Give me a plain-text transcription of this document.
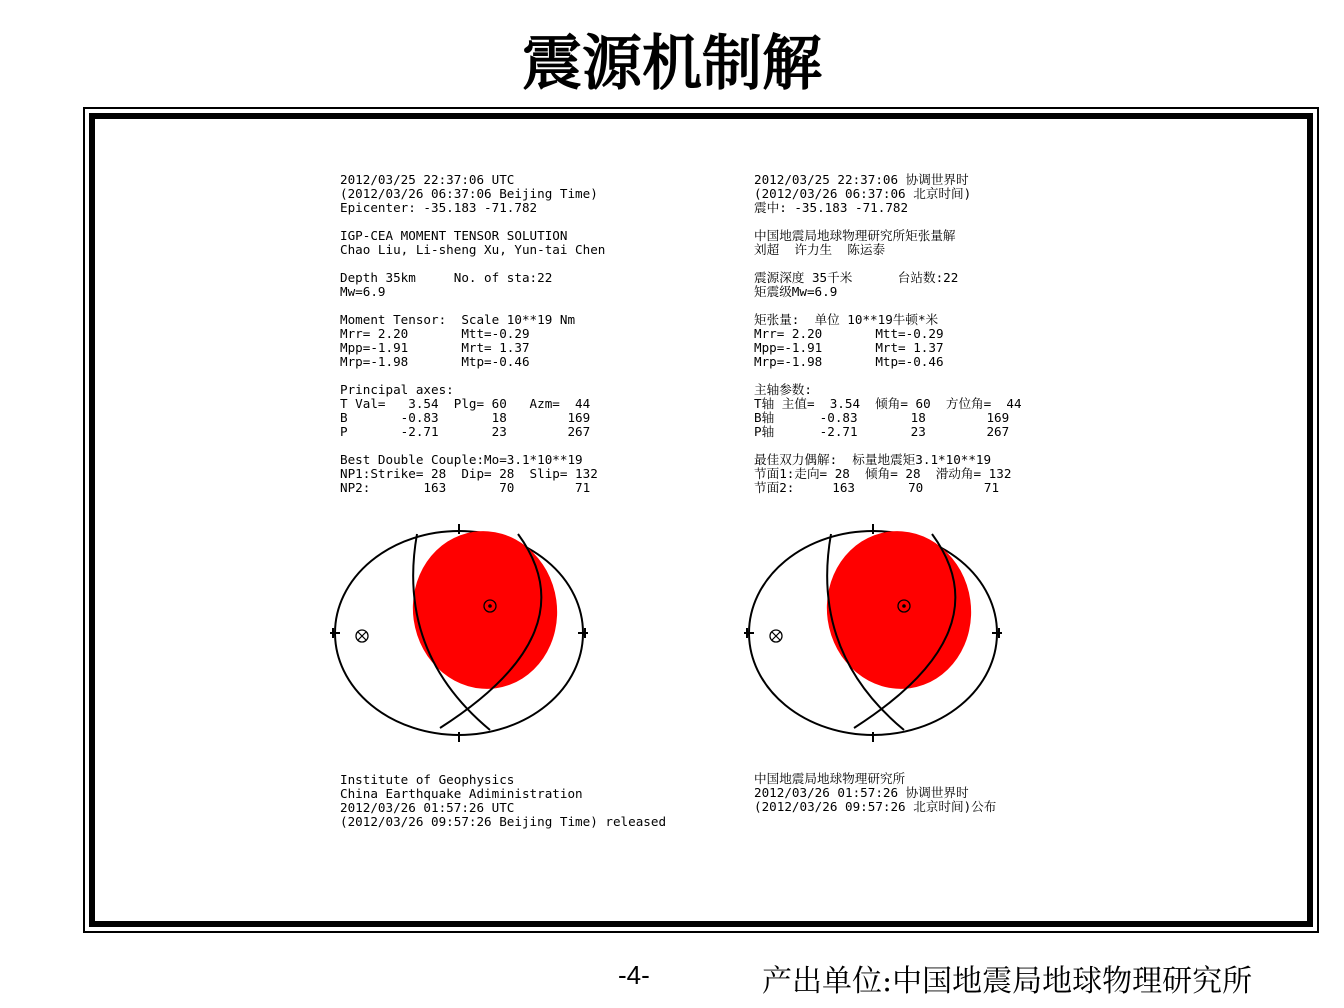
震源机制解
2012/03/25 22:37:06 UTC
(2012/03/26 06:37:06 Beijing Time)
Epicenter: -35.183 -71.782
IGP-CEA MOMENT TENSOR SOLUTION
Chao Liu, Li-sheng Xu, Yun-tai Chen
Depth 35km     No. of sta:22
Mw=6.9
Moment Tensor:  Scale 10**19 Nm
Mrr= 2.20       Mtt=-0.29
Mpp=-1.91       Mrt= 1.37
Mrp=-1.98       Mtp=-0.46
Principal axes:
T Val=   3.54  Plg= 60   Azm=  44
B       -0.83       18        169
P       -2.71       23        267
Best Double Couple:Mo=3.1*10**19
NP1:Strike= 28  Dip= 28  Slip= 132
NP2:       163       70        71
2012/03/25 22:37:06 协调世界时
(2012/03/26 06:37:06 北京时间)
震中: -35.183 -71.782
中国地震局地球物理研究所矩张量解
刘超  许力生  陈运泰
震源深度 35千米      台站数:22
矩震级Mw=6.9
矩张量:  单位 10**19牛顿*米
Mrr= 2.20       Mtt=-0.29
Mpp=-1.91       Mrt= 1.37
Mrp=-1.98       Mtp=-0.46
主轴参数:
T轴 主值=  3.54  倾角= 60  方位角=  44
B轴      -0.83       18        169
P轴      -2.71       23        267
最佳双力偶解:  标量地震矩3.1*10**19
节面1:走向= 28  倾角= 28  滑动角= 132
节面2:     163       70        71
Institute of Geophysics
China Earthquake Adiministration
2012/03/26 01:57:26 UTC
(2012/03/26 09:57:26 Beijing Time) released
中国地震局地球物理研究所
2012/03/26 01:57:26 协调世界时
(2012/03/26 09:57:26 北京时间)公布
-4-	产出单位:中国地震局地球物理研究所
